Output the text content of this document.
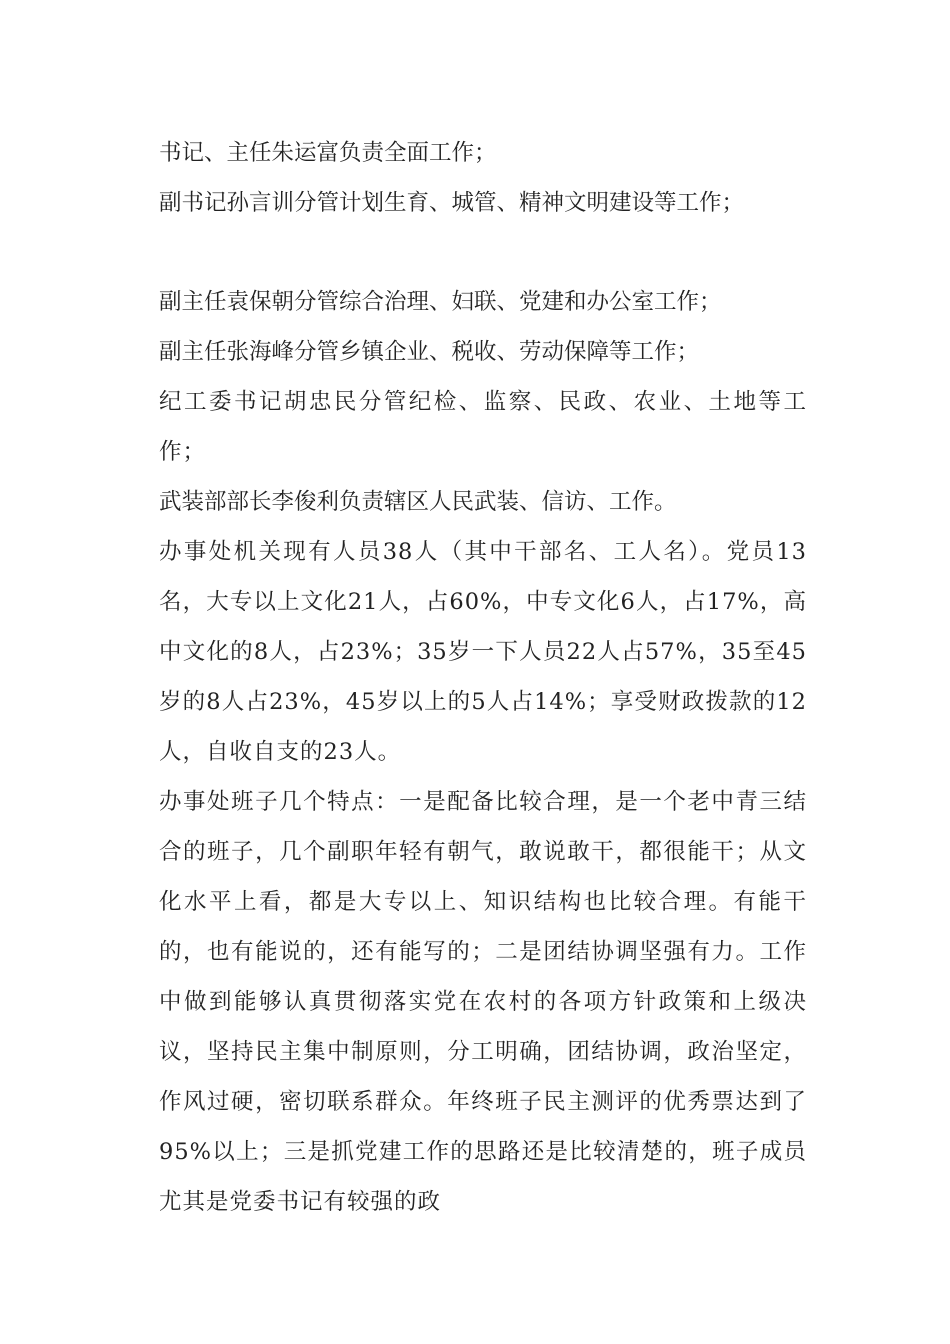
书记、主任朱运富负责全面工作；
副书记孙言训分管计划生育、城管、精神文明建设等工作；
副主任袁保朝分管综合治理、妇联、党建和办公室工作；
副主任张海峰分管乡镇企业、税收、劳动保障等工作；
纪工委书记胡忠民分管纪检、监察、民政、农业、土地等工作；
武装部部长李俊利负责辖区人民武装、信访、工作。
办事处机关现有人员38人（其中干部名、工人名）。党员13名，大专以上文化21人，占60%，中专文化6人，占17%，高中文化的8人，占23%；35岁一下人员22人占57%，35至45岁的8人占23%，45岁以上的5人占14%；享受财政拨款的12人，自收自支的23人。
办事处班子几个特点：一是配备比较合理，是一个老中青三结合的班子，几个副职年轻有朝气，敢说敢干，都很能干；从文化水平上看，都是大专以上、知识结构也比较合理。有能干的，也有能说的，还有能写的；二是团结协调坚强有力。工作中做到能够认真贯彻落实党在农村的各项方针政策和上级决议，坚持民主集中制原则，分工明确，团结协调，政治坚定，作风过硬，密切联系群众。年终班子民主测评的优秀票达到了95%以上；三是抓党建工作的思路还是比较清楚的，班子成员尤其是党委书记有较强的政
